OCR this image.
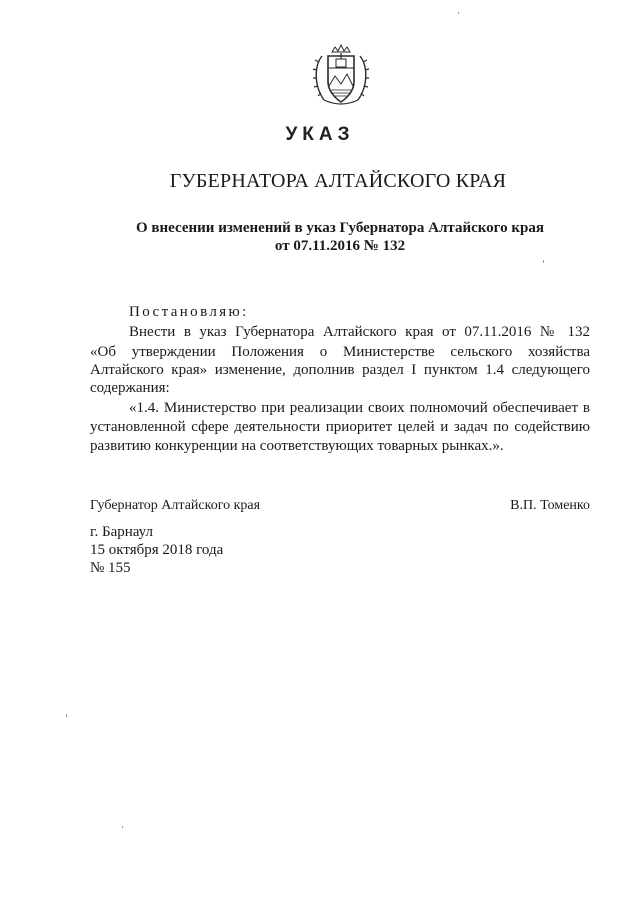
УКАЗ
ГУБЕРНАТОРА АЛТАЙСКОГО КРАЯ
О внесении изменений в указ Губернатора Алтайского края
от 07.11.2016 № 132
Постановляю:
Внести в указ Губернатора Алтайского края от 07.11.2016 № 132
«Об утверждении Положения о Министерстве сельского хозяйства
Алтайского края» изменение, дополнив раздел I пунктом 1.4 следующего
содержания:
«1.4. Министерство при реализации своих полномочий обеспечивает в
установленной сфере деятельности приоритет целей и задач по содействию
развитию конкуренции на соответствующих товарных рынках.».
Губернатор Алтайского края	В.П. Томенко
г. Барнаул
15 октября 2018 года
№ 155
